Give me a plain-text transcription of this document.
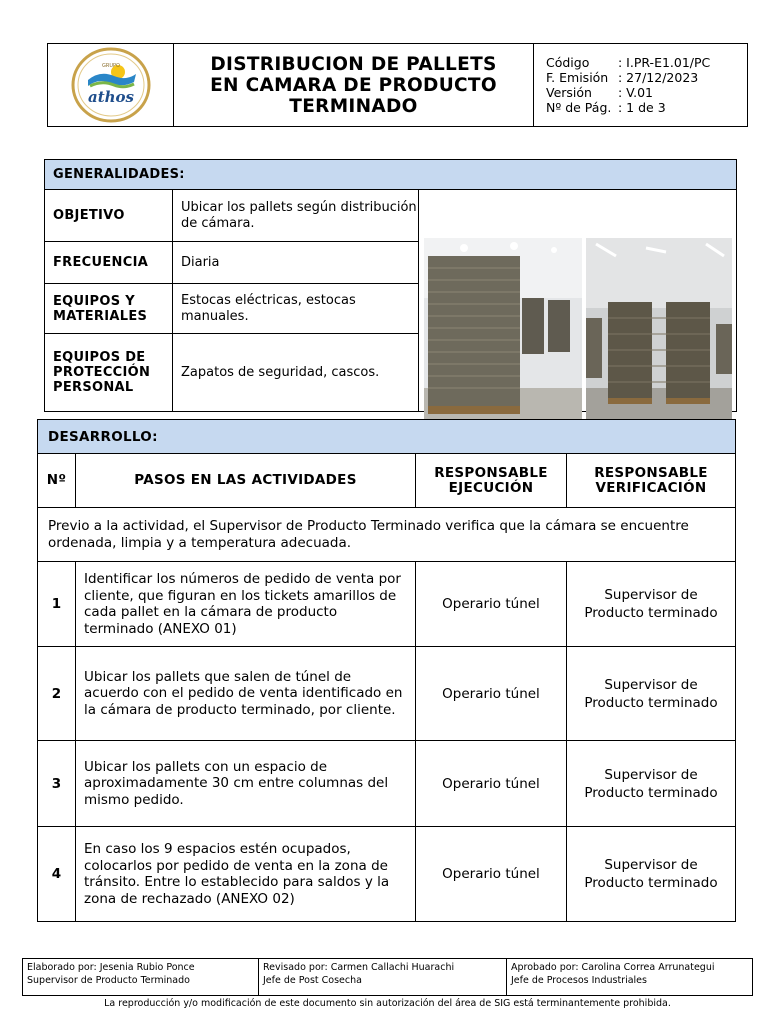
GRUPO
athos

DISTRIBUCION DE PALLETS
EN CAMARA DE PRODUCTO
TERMINADO

Código : I.PR-E1.01/PC
F. Emisión : 27/12/2023
Versión : V.01
Nº de Pág. : 1 de 3
GENERALIDADES:		
OBJETIVO	Ubicar los pallets según distribución de cámara.	

FRECUENCIA	Diaria	
EQUIPOS Y MATERIALES	Estocas eléctricas, estocas manuales.	
EQUIPOS DE PROTECCIÓN PERSONAL	Zapatos de seguridad, cascos.	
DESARROLLO:			
Nº	PASOS EN LAS ACTIVIDADES	RESPONSABLE EJECUCIÓN	RESPONSABLE VERIFICACIÓN
Previo a la actividad, el Supervisor de Producto Terminado verifica que la cámara se encuentre ordenada, limpia y a temperatura adecuada.			
1	Identificar los números de pedido de venta por cliente, que figuran en los tickets amarillos de cada pallet en la cámara de producto terminado (ANEXO 01)	Operario túnel	Supervisor de Producto terminado
2	Ubicar los pallets que salen de túnel de acuerdo con el pedido de venta identificado en la cámara de producto terminado, por cliente.	Operario túnel	Supervisor de Producto terminado
3	Ubicar los pallets con un espacio de aproximadamente 30 cm entre columnas del mismo pedido.	Operario túnel	Supervisor de Producto terminado
4	En caso los 9 espacios estén ocupados, colocarlos por pedido de venta en la zona de tránsito. Entre lo establecido para saldos y la zona de rechazado (ANEXO 02)	Operario túnel	Supervisor de Producto terminado
Elaborado por: Jesenia Rubio Ponce
Supervisor de Producto Terminado

Revisado por: Carmen Callachi Huarachi
Jefe de Post Cosecha

Aprobado por: Carolina Correa Arrunategui
Jefe de Procesos Industriales
La reproducción y/o modificación de este documento sin autorización del área de SIG está terminantemente prohibida.
